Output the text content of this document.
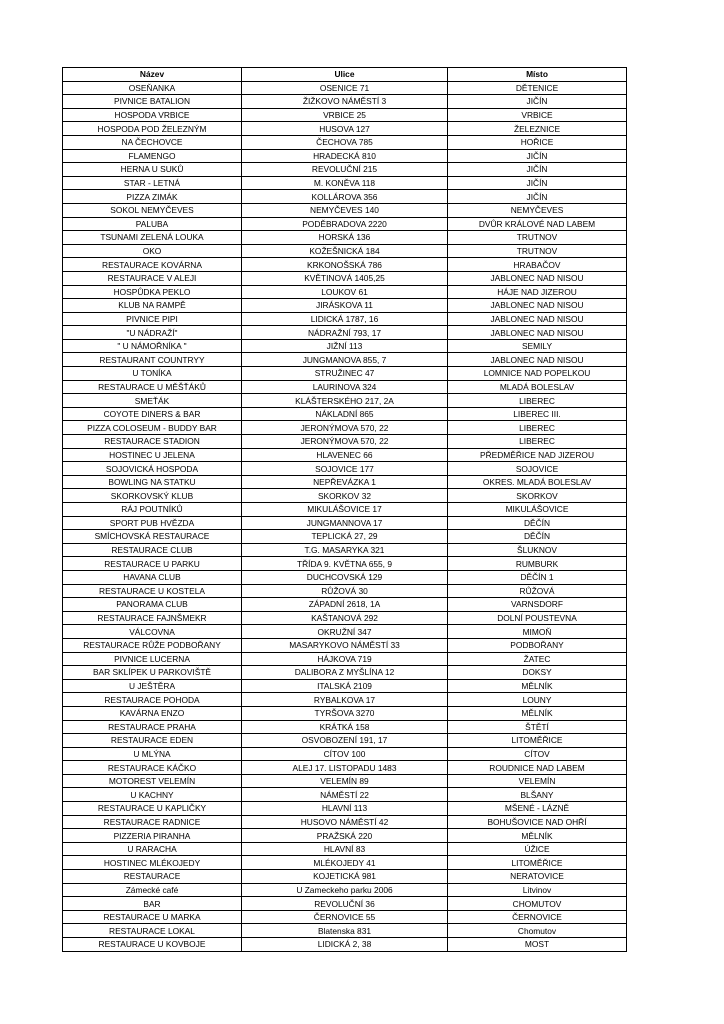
Název	Ulice	Místo
OSEŇANKA	OSENICE 71	DĚTENICE
PIVNICE BATALION	ŽIŽKOVO NÁMĚSTÍ 3	JIČÍN
HOSPODA VRBICE	VRBICE 25	VRBICE
HOSPODA POD ŽELEZNÝM	HUSOVA 127	ŽELEZNICE
NA ČECHOVCE	ČECHOVA 785	HOŘICE
FLAMENGO	HRADECKÁ 810	JIČÍN
HERNA U SUKŮ	REVOLUČNÍ 215	JIČÍN
STAR - LETNÁ	M. KONĚVA 118	JIČÍN
PIZZA ZIMÁK	KOLLÁROVA 356	JIČÍN
SOKOL NEMYČEVES	NEMYČEVES 140	NEMYČEVES
PALUBA	PODĚBRADOVA 2220	DVŮR KRÁLOVÉ NAD LABEM
TSUNAMI ZELENÁ LOUKA	HORSKÁ 136	TRUTNOV
OKO	KOŽEŠNICKÁ 184	TRUTNOV
RESTAURACE KOVÁRNA	KRKONOŠSKÁ 786	HRABAČOV
RESTAURACE V ALEJI	KVĚTINOVÁ 1405,25	JABLONEC NAD NISOU
HOSPŮDKA PEKLO	LOUKOV 61	HÁJE NAD JIZEROU
KLUB NA RAMPĚ	JIRÁSKOVA 11	JABLONEC NAD NISOU
PIVNICE PIPI	LIDICKÁ 1787, 16	JABLONEC NAD NISOU
"U NÁDRAŽÍ"	NÁDRAŽNÍ 793, 17	JABLONEC NAD NISOU
" U NÁMOŘNÍKA "	JIŽNÍ 113	SEMILY
RESTAURANT COUNTRYY	JUNGMANOVA 855, 7	JABLONEC NAD NISOU
U TONÍKA	STRUŽINEC 47	LOMNICE NAD POPELKOU
RESTAURACE U MĚŠŤÁKŮ	LAURINOVA 324	MLADÁ BOLESLAV
SMEŤÁK	KLÁŠTERSKÉHO 217, 2A	LIBEREC
COYOTE DINERS & BAR	NÁKLADNÍ 865	LIBEREC III.
PIZZA COLOSEUM - BUDDY BAR	JERONÝMOVA 570, 22	LIBEREC
RESTAURACE STADION	JERONÝMOVA 570, 22	LIBEREC
HOSTINEC U JELENA	HLAVENEC 66	PŘEDMĚŘICE NAD JIZEROU
SOJOVICKÁ HOSPODA	SOJOVICE 177	SOJOVICE
BOWLING NA STATKU	NEPŘEVÁZKA 1	OKRES. MLADÁ BOLESLAV
SKORKOVSKÝ KLUB	SKORKOV 32	SKORKOV
RÁJ POUTNÍKŮ	MIKULÁŠOVICE 17	MIKULÁŠOVICE
SPORT PUB HVĚZDA	JUNGMANNOVA 17	DĚČÍN
SMÍCHOVSKÁ RESTAURACE	TEPLICKÁ 27, 29	DĚČÍN
RESTAURACE CLUB	T.G. MASARYKA 321	ŠLUKNOV
RESTAURACE U PARKU	TŘÍDA 9. KVĚTNA 655, 9	RUMBURK
HAVANA CLUB	DUCHCOVSKÁ 129	DĚČÍN 1
RESTAURACE U KOSTELA	RŮŽOVÁ 30	RŮŽOVÁ
PANORAMA CLUB	ZÁPADNÍ 2618, 1A	VARNSDORF
RESTAURACE FAJNŠMEKR	KAŠTANOVÁ 292	DOLNÍ POUSTEVNA
VÁLCOVNA	OKRUŽNÍ 347	MIMOŇ
RESTAURACE RŮŽE PODBOŘANY	MASARYKOVO NÁMĚSTÍ 33	PODBOŘANY
PIVNICE LUCERNA	HÁJKOVA 719	ŽATEC
BAR SKLÍPEK U PARKOVIŠTĚ	DALIBORA Z MYŠLÍNA 12	DOKSY
U JEŠTĚRA	ITALSKÁ 2109	MĚLNÍK
RESTAURACE POHODA	RYBALKOVA 17	LOUNY
KAVÁRNA ENZO	TYRŠOVA 3270	MĚLNÍK
RESTAURACE PRAHA	KRÁTKÁ 158	ŠTĚTÍ
RESTAURACE EDEN	OSVOBOZENÍ 191, 17	LITOMĚŘICE
U MLÝNA	CÍTOV 100	CÍTOV
RESTAURACE KÁČKO	ALEJ 17. LISTOPADU 1483	ROUDNICE NAD LABEM
MOTOREST VELEMÍN	VELEMÍN 89	VELEMÍN
U KACHNY	NÁMĚSTÍ 22	BLŠANY
RESTAURACE U KAPLIČKY	HLAVNÍ 113	MŠENÉ - LÁZNĚ
RESTAURACE RADNICE	HUSOVO NÁMĚSTÍ 42	BOHUŠOVICE NAD OHŘÍ
PIZZERIA PIRANHA	PRAŽSKÁ 220	MĚLNÍK
U RARACHA	HLAVNÍ 83	ÚŽICE
HOSTINEC MLÉKOJEDY	MLÉKOJEDY 41	LITOMĚŘICE
RESTAURACE	KOJETICKÁ 981	NERATOVICE
Zámecké café	U Zameckeho parku 2006	Litvinov
BAR	REVOLUČNÍ 36	CHOMUTOV
RESTAURACE U MARKA	ČERNOVICE 55	ČERNOVICE
RESTAURACE LOKAL	Blatenska 831	Chomutov
RESTAURACE U KOVBOJE	LIDICKÁ 2, 38	MOST
